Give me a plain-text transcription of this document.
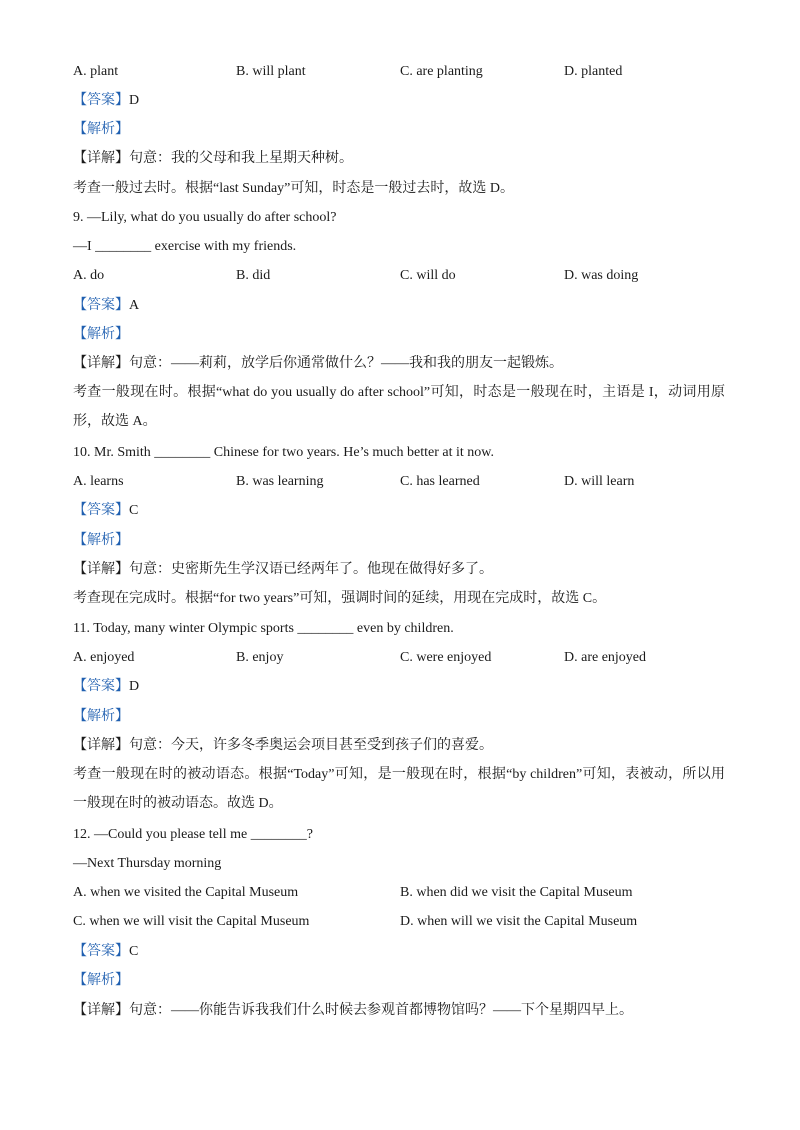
A. plant	B. will plant	C. are planting	D. planted
【答案】D
【解析】
【详解】句意：我的父母和我上星期天种树。
考查一般过去时。根据“last Sunday”可知，时态是一般过去时，故选 D。
9. —Lily, what do you usually do after school?
—I ________ exercise with my friends.
A. do	B. did	C. will do	D. was doing
【答案】A
【解析】
【详解】句意：——莉莉，放学后你通常做什么？——我和我的朋友一起锻炼。
考查一般现在时。根据“what do you usually do after school”可知，时态是一般现在时，主语是 I，动词用原形，故选 A。
10. Mr. Smith ________ Chinese for two years. He’s much better at it now.
A. learns	B. was learning	C. has learned	D. will learn
【答案】C
【解析】
【详解】句意：史密斯先生学汉语已经两年了。他现在做得好多了。
考查现在完成时。根据“for two years”可知，强调时间的延续，用现在完成时，故选 C。
11. Today, many winter Olympic sports ________ even by children.
A. enjoyed	B. enjoy	C. were enjoyed	D. are enjoyed
【答案】D
【解析】
【详解】句意：今天，许多冬季奥运会项目甚至受到孩子们的喜爱。
考查一般现在时的被动语态。根据“Today”可知，是一般现在时，根据“by children”可知，表被动，所以用一般现在时的被动语态。故选 D。
12. —Could you please tell me ________?
—Next Thursday morning
A. when we visited the Capital Museum	B. when did we visit the Capital Museum
C. when we will visit the Capital Museum	D. when will we visit the Capital Museum
【答案】C
【解析】
【详解】句意：——你能告诉我我们什么时候去参观首都博物馆吗？——下个星期四早上。
